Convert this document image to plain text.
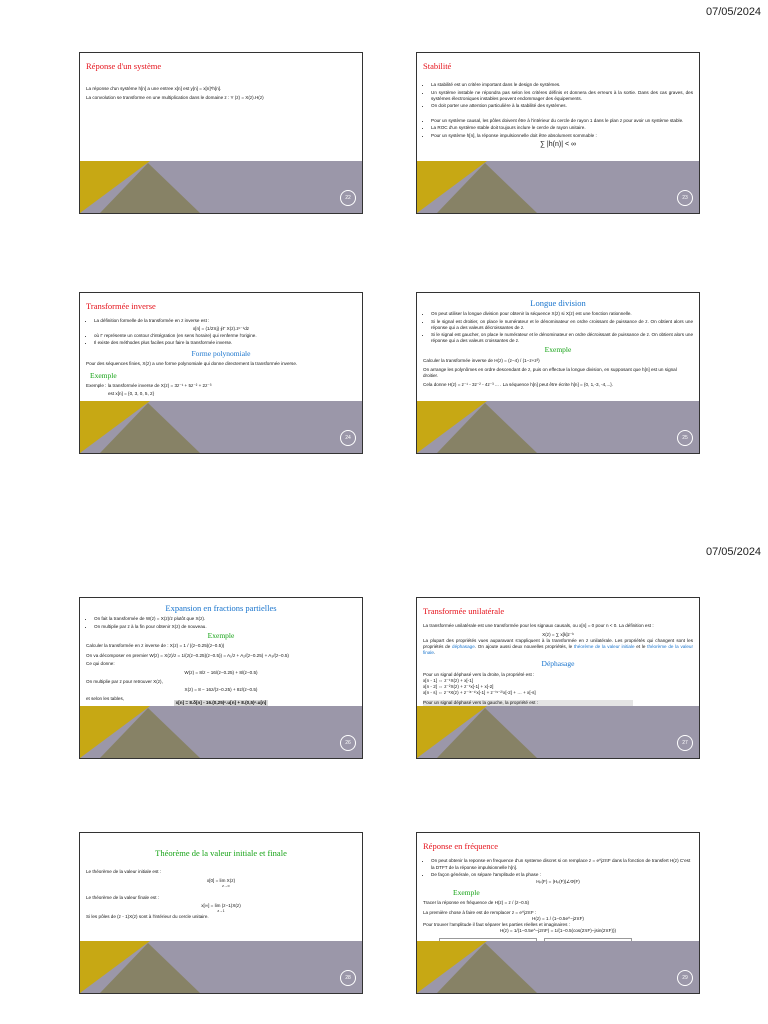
07/05/2024
07/05/2024
Réponse d'un système

La réponse d'un système h[n] a une entree x[n] est y[n] = x[n]*h[n].

La convolution se transforme en une multiplication dans le domaine z : Y (z) = X(z).H(z)

22
Stabilité
• La stabilité est un critère important dans le design de systèmes.
• Un système instable ne répondra pas selon les critères définis et donnera des erreurs à la sortie. Dans des cas graves, des systèmes électroniques instables peuvent endommager des équipements.
• On doit porter une attention particulière à la stabilité des systèmes.
• Pour un système causal, les pôles doivent être à l'intérieur du cercle de rayon 1 dans le plan z pour avoir un système stable.
• La ROC d'un système stable doit toujours inclure le cercle de rayon unitaire.
• Pour un système h[n], la réponse impulsionnelle doit être absolument sommable :
∑ |h(n)| < ∞
23
Transformée inverse
• La définition formelle de la transformée en z inverse est :
x[n] = (1/2πj) ∮Γ X(z).zⁿ⁻¹dz
• où Γ représente un contour d'intégration (en sens horaire) qui renferme l'origine.
• Il existe des méthodes plus faciles pour faire la transformée inverse.
Forme polynomiale

Pour des séquences finies, X(z) a une forme polynomiale qui donne directement la transformée inverse.

Exemple

Exemple : la transformée inverse de X(z) = 3z⁻¹ + 5z⁻² + 2z⁻³

est x[n] = {0, 3, 0, 5, 2}

24
Longue division
• On peut utiliser la longue division pour obtenir la séquence X(z) si X(z) est une fonction rationnelle.
• Si le signal est droitier, on place le numérateur et le dénominateur en ordre croissant de puissance de z. On obtient alors une réponse qui a des valeurs décroissantes de z.
• Si le signal est gaucher, on place le numérateur et le dénominateur en ordre décroissant de puissance de z. On obtient alors une réponse qui a des valeurs croissantes de z.
Exemple

Calculer la transformée inverse de H(z) = (z−4) / (1−z+z²)

On arrange les polynômes en ordre descendant de z, puis on effectue la longue division, en supposant que h[n] est un signal droitier.

Cela donne H(z) = z⁻¹ - 3z⁻² - 4z⁻³ ... . La séquence h[n] peut être écrite h[n] = {0, 1,-3, -4,...}.

25
Expansion en fractions partielles
• On fait la transformée de W(z) = X(z)/z plutôt que X(z).
• On multiplie par z à la fin pour obtenir X(z) de nouveau.
Exemple

Calculer la transformée en z inverse de : X(z) = 1 / ((z−0.25)(z−0.5))

On va décomposer en premier W(z) = X(z)/z = 1/(z(z−0.25)(z−0.5)) = A₁/z + A₂/(z−0.25) + A₃/(z−0.5)

Ce qui donne:

W(z) = 8/z − 16/(z−0.25) + 8/(z−0.5)

On multiplie par z pour retrouver X(z),

X(z) = 8 − 16z/(z−0.25) + 8z/(z−0.5)

et selon les tables,

x[n] = 8.δ[n] - 16.(0,25)ⁿ.u[n] + 8.(0,5)ⁿ.u[n]
26
Transformée unilatérale

La transformée unilatérale est une transformée pour les signaux causals, ou x[n] = 0 pour n < 0. La définition est :

X(z) = ∑ x[k]z⁻ᵏ

La plupart des propriétés vues auparavant s'appliquent à la transformée en z unilatérale. Les propriétés qui changent sont les propriétés de déphasage. On ajoute aussi deux nouvelles propriétés, le théorème de la valeur initiale et le théorème de la valeur finale.

Déphasage

Pour un signal déphasé vers la droite, la propriété est :

x[n - 1] ⇔ z⁻¹X(z) + x[-1]
x[n - 2] ⇔ z⁻²X(z) + z⁻¹x[-1] + x[-2]
x[n - s] ⇔ z⁻ˢX(z) + z⁻⁽ˢ⁻¹⁾x[-1] + z⁻⁽ˢ⁻²⁾x[-2] + … + x[-s]
Pour un signal déphasé vers la gauche, la propriété est :
27
Théorème de la valeur initiale et finale

Le théorème de la valeur initiale est :

x[0] = lim X(z)
z→∞

Le théorème de la valeur finale est :

x[∞] = lim (z−1)X(z)
z→1

Si les pôles de (z - 1)X(z) sont à l'intérieur du cercle unitaire.

28
Réponse en fréquence
• On peut obtenir la reponse en frequence d'un systeme discret si on remplace z = e^j2πF dans la fonction de transfert H(z) C'est la DTFT de la réponse impulsionnelle h[n].
• De façon générale, on sépare l'amplitude et la phase :
Hₚ(F) = |Hₚ(F)|∠Φ(F)
Exemple

Tracer la réponse en fréquence de H(z) = z / (z−0.5)

La première chose à faire est de remplacer z = e^j2πF :

H(z) = 1 / (1−0.5e^−j2πF)

Pour trouver l'amplitude il faut séparer les parties réelles et imaginaires :

H(z) = 1/(1−0.5e^−j2πF) = 1/(1−0.5(cos(2πF)−jsin(2πF)))

29
